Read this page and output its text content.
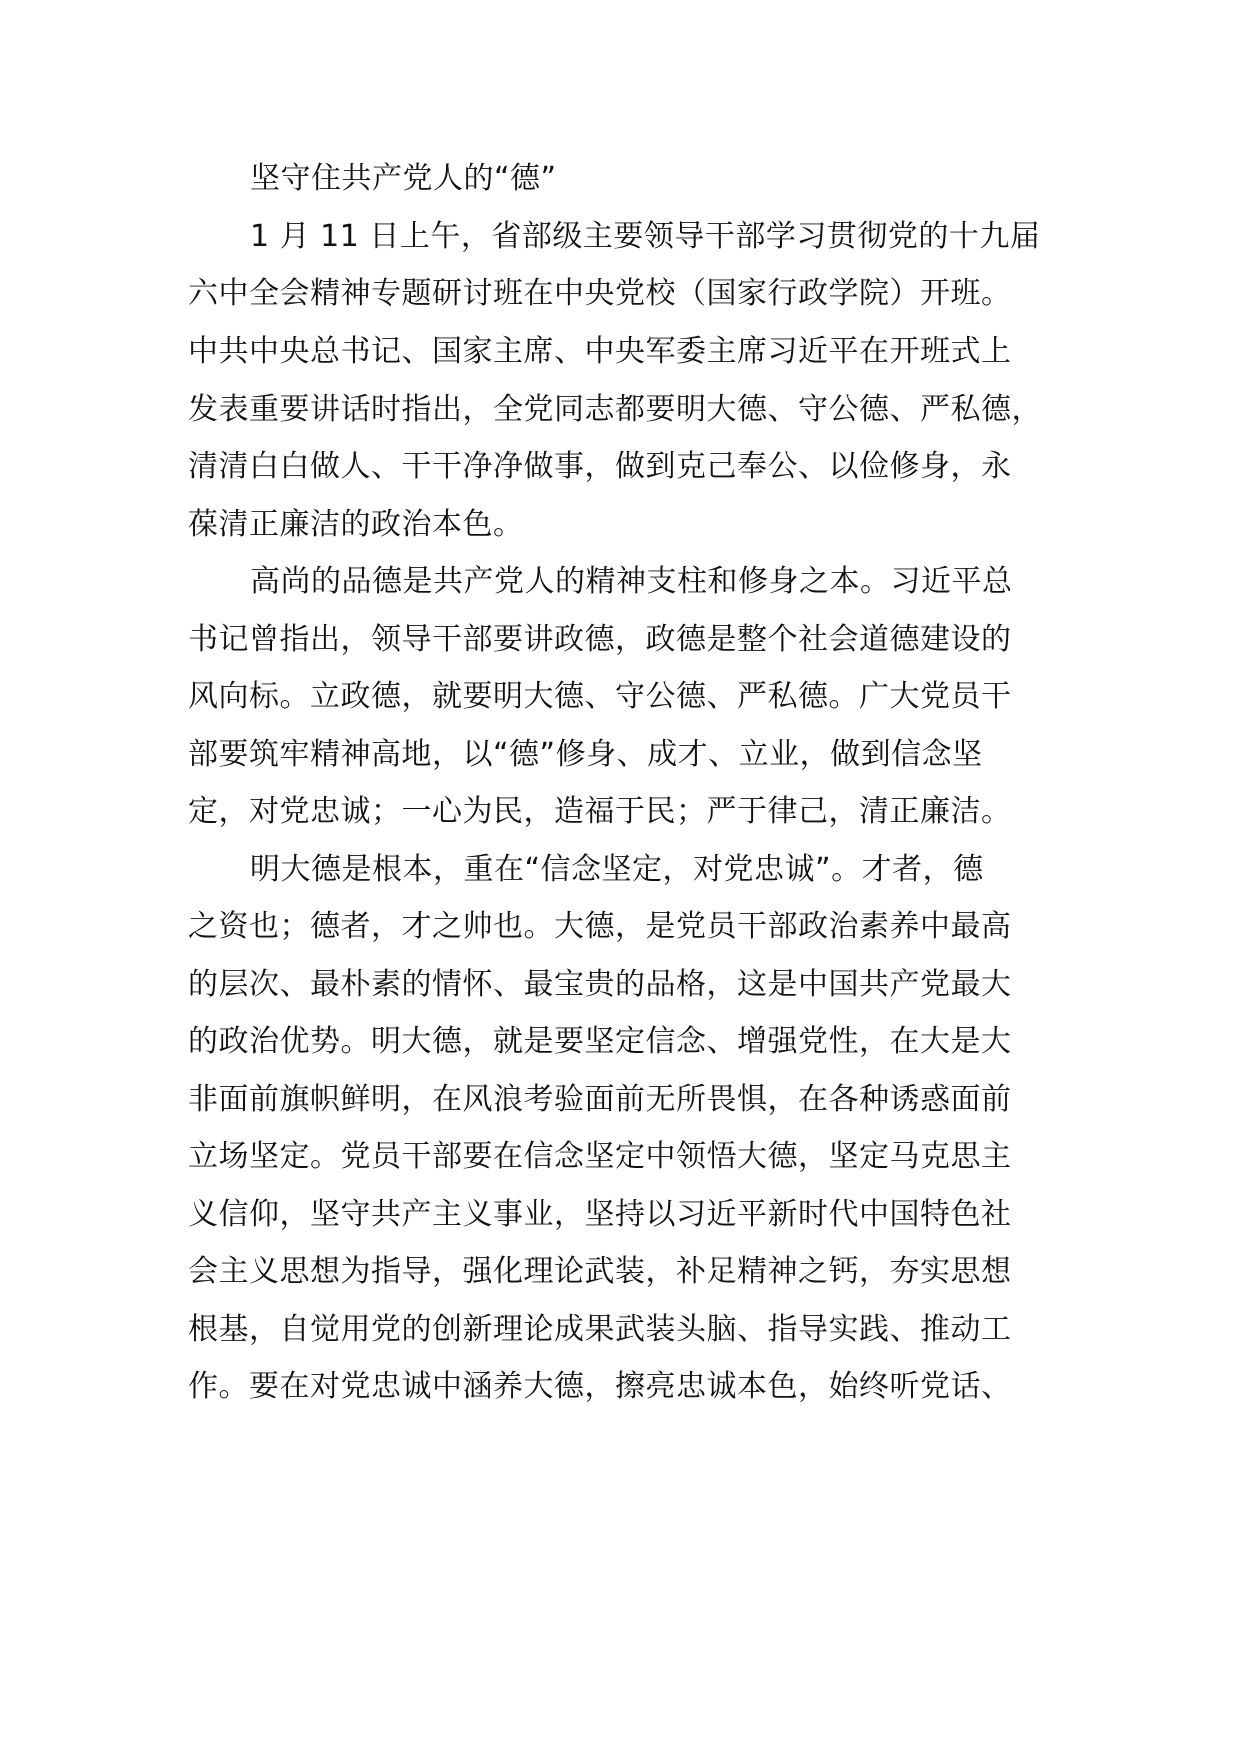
坚守住共产党人的“德”
1 月 11 日上午，省部级主要领导干部学习贯彻党的十九届
六中全会精神专题研讨班在中央党校（国家行政学院）开班。
中共中央总书记、国家主席、中央军委主席习近平在开班式上
发表重要讲话时指出，全党同志都要明大德、守公德、严私德，
清清白白做人、干干净净做事，做到克己奉公、以俭修身，永
葆清正廉洁的政治本色。
高尚的品德是共产党人的精神支柱和修身之本。习近平总
书记曾指出，领导干部要讲政德，政德是整个社会道德建设的
风向标。立政德，就要明大德、守公德、严私德。广大党员干
部要筑牢精神高地，以“德”修身、成才、立业，做到信念坚
定，对党忠诚；一心为民，造福于民；严于律己，清正廉洁。
明大德是根本，重在“信念坚定，对党忠诚”。才者，德
之资也；德者，才之帅也。大德，是党员干部政治素养中最高
的层次、最朴素的情怀、最宝贵的品格，这是中国共产党最大
的政治优势。明大德，就是要坚定信念、增强党性，在大是大
非面前旗帜鲜明，在风浪考验面前无所畏惧，在各种诱惑面前
立场坚定。党员干部要在信念坚定中领悟大德，坚定马克思主
义信仰，坚守共产主义事业，坚持以习近平新时代中国特色社
会主义思想为指导，强化理论武装，补足精神之钙，夯实思想
根基，自觉用党的创新理论成果武装头脑、指导实践、推动工
作。要在对党忠诚中涵养大德，擦亮忠诚本色，始终听党话、
